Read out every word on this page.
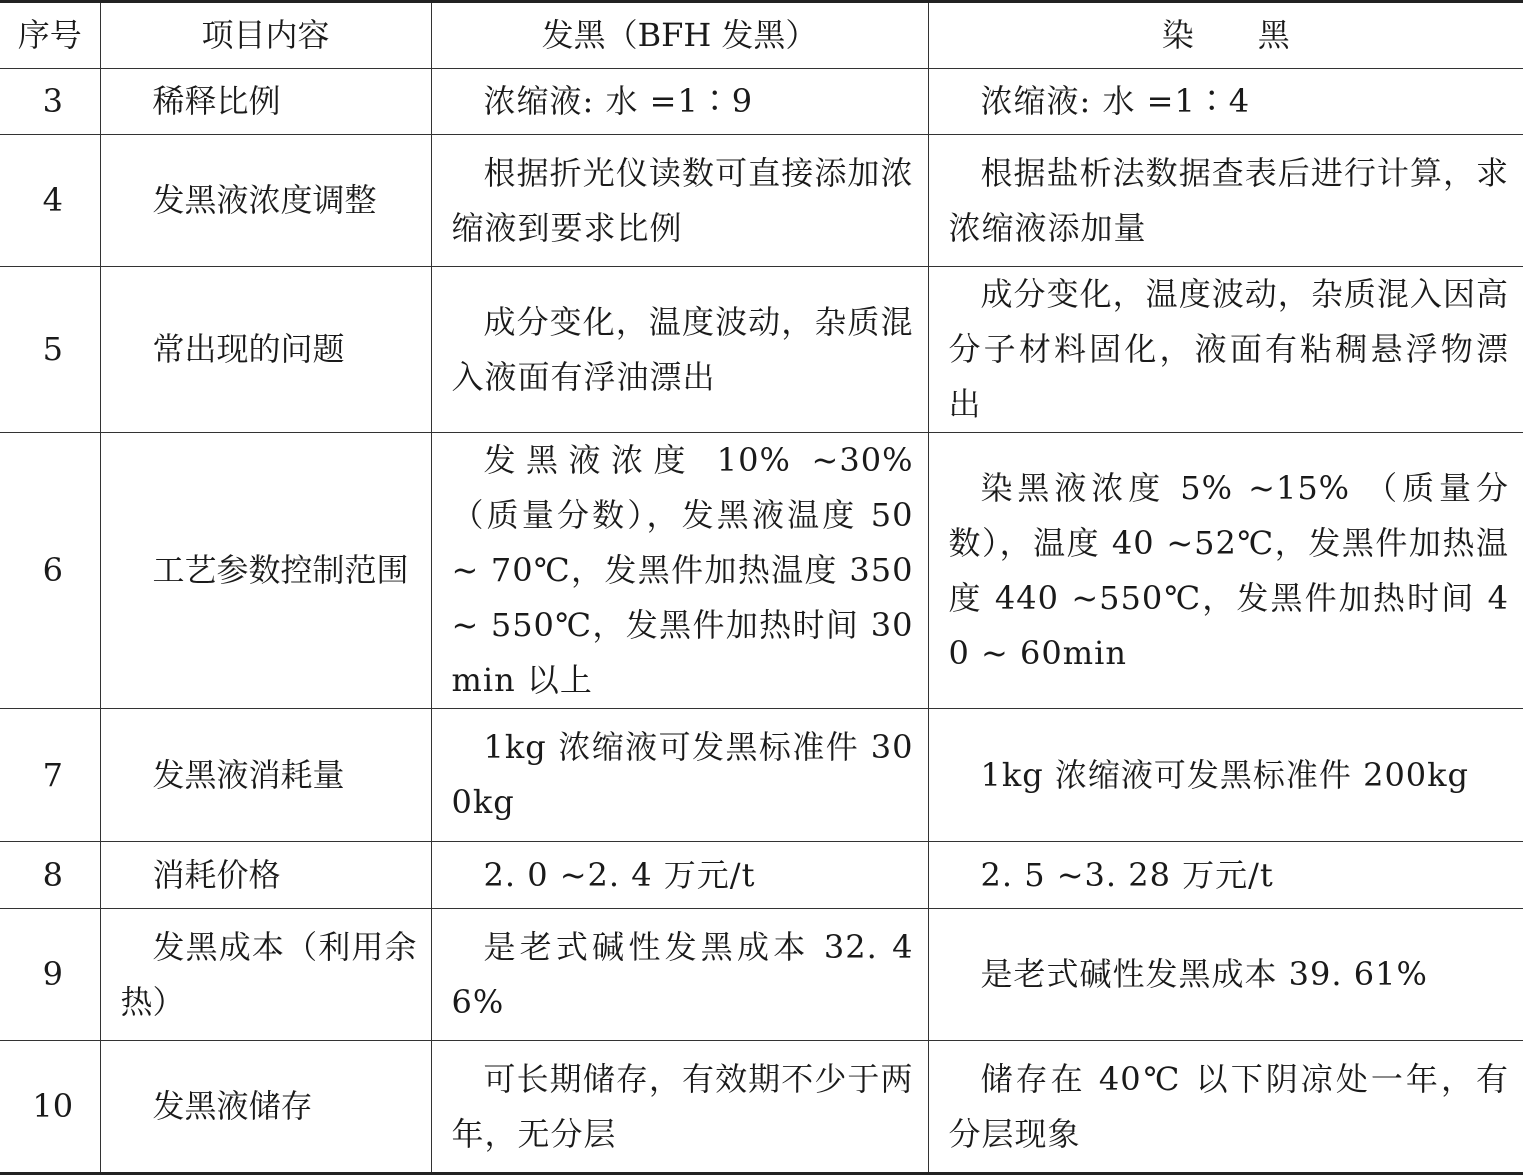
序号	项目内容	发黑（BFH 发黑）	染　　黑
3	稀释比例	浓缩液: 水 =1∶9	浓缩液: 水 =1∶4
4	发黑液浓度调整	根据折光仪读数可直接添加浓缩液到要求比例	根据盐析法数据查表后进行计算，求浓缩液添加量
5	常出现的问题	成分变化，温度波动，杂质混入液面有浮油漂出	成分变化，温度波动，杂质混入因高分子材料固化，液面有粘稠悬浮物漂出
6	工艺参数控制范围	发黑液浓度 10% ~30% （质量分数），发黑液温度 50 ~ 70℃，发黑件加热温度 350 ~ 550℃，发黑件加热时间 30min 以上	染黑液浓度 5% ~15% （质量分数），温度 40 ~52℃，发黑件加热温度 440 ~550℃，发黑件加热时间 40 ~ 60min
7	发黑液消耗量	1kg 浓缩液可发黑标准件 300kg	1kg 浓缩液可发黑标准件 200kg
8	消耗价格	2. 0 ~2. 4 万元/t	2. 5 ~3. 28 万元/t
9	发黑成本（利用余热）	是老式碱性发黑成本 32. 46%	是老式碱性发黑成本 39. 61%
10	发黑液储存	可长期储存，有效期不少于两年，无分层	储存在 40℃ 以下阴凉处一年，有分层现象
